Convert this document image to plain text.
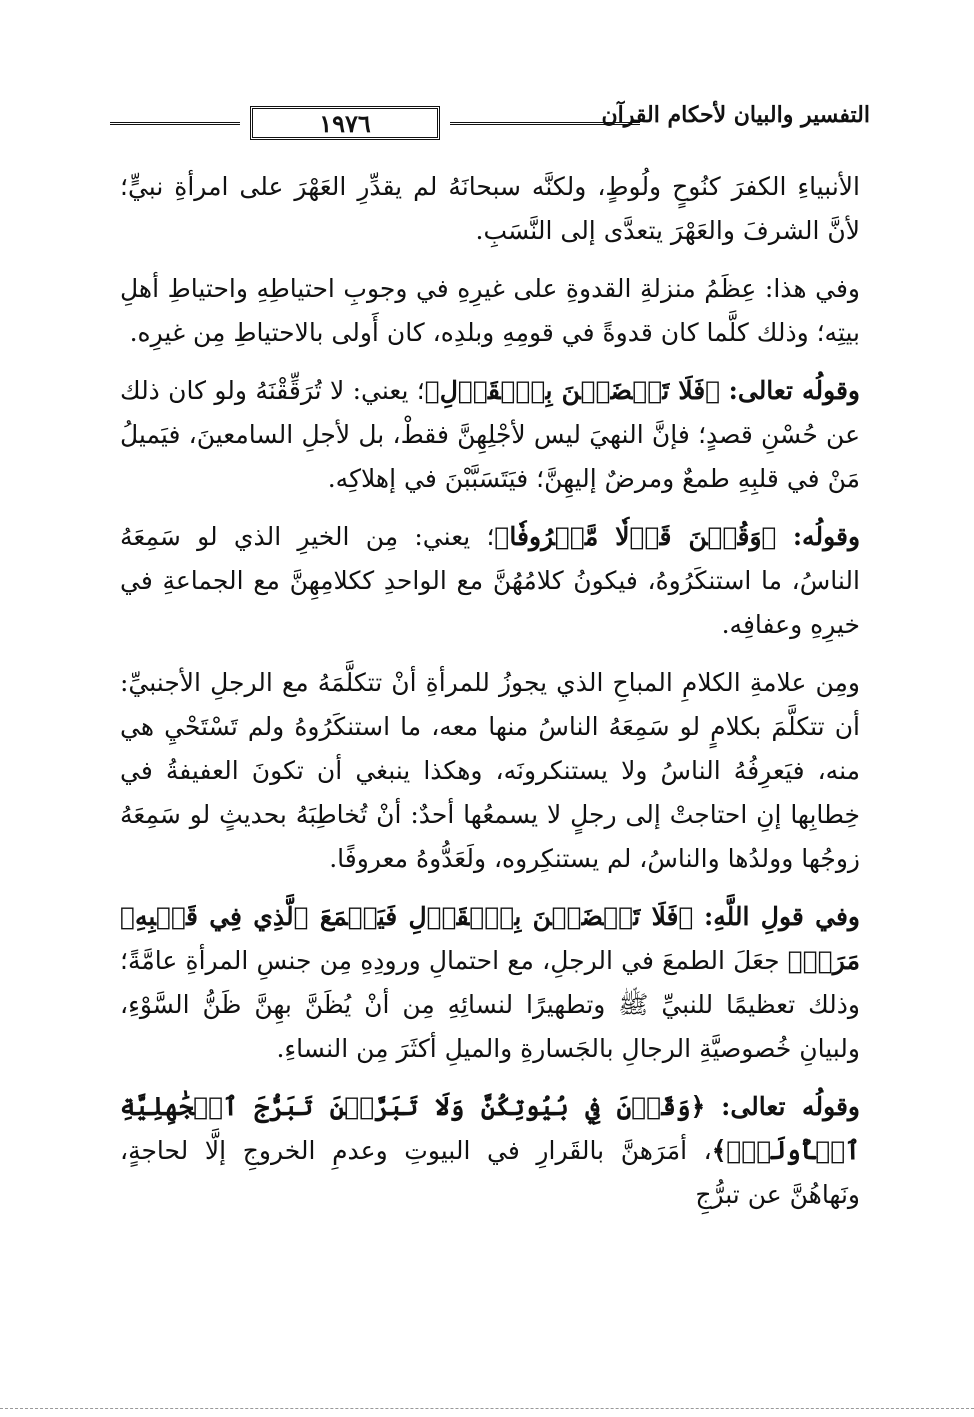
التفسير والبيان لأحكام القرآن
١٩٧٦

الأنبياءِ الكفرَ كنُوحٍ ولُوطٍ، ولكنَّه سبحانَهُ لم يقدِّرِ العَهْرَ على امرأةِ نبيٍّ؛ لأنَّ الشرفَ والعَهْرَ يتعدَّى إلى النَّسَبِ.

وفي هذا: عِظَمُ منزلةِ القدوةِ على غيرِهِ في وجوبِ احتياطِهِ واحتياطِ أهلِ بيتِه؛ وذلك كلَّما كان قدوةً في قومِهِ وبلدِه، كان أَولى بالاحتياطِ مِن غيرِه.

وقولُه تعالى: ﴿فَلَا تَخۡضَعۡنَ بِٱلۡقَوۡلِ﴾؛ يعني: لا تُرَقِّقْنَهُ ولو كان ذلك عن حُسْنِ قصدٍ؛ فإنَّ النهيَ ليس لأجْلِهِنَّ فقطْ، بل لأجلِ السامعينَ، فيَميلُ مَنْ في قلبِهِ طمعٌ ومرضٌ إليهِنَّ؛ فيَتَسَبَّبْنَ في إهلاكِه.

وقولُه: ﴿وَقُلۡنَ قَوۡلٗا مَّعۡرُوفٗا﴾؛ يعني: مِن الخيرِ الذي لو سَمِعَهُ الناسُ، ما استنكَرُوهُ، فيكونُ كلامُهُنَّ مع الواحدِ ككلامِهِنَّ مع الجماعةِ في خيرِهِ وعفافِه.

ومِن علامةِ الكلامِ المباحِ الذي يجوزُ للمرأةِ أنْ تتكلَّمَهُ مع الرجلِ الأجنبيِّ: أن تتكلَّمَ بكلامٍ لو سَمِعَهُ الناسُ منها معه، ما استنكَرُوهُ ولم تَسْتَحْيِ هي منه، فيَعرِفُهُ الناسُ ولا يستنكرونَه، وهكذا ينبغي أن تكونَ العفيفةُ في خِطابِها إنِ احتاجتْ إلى رجلٍ لا يسمعُها أحدٌ: أنْ تُخاطِبَهُ بحديثٍ لو سَمِعَهُ زوجُها وولدُها والناسُ، لم يستنكِروه، ولَعَدُّوهُ معروفًا.

وفي قولِ اللَّهِ: ﴿فَلَا تَخۡضَعۡنَ بِٱلۡقَوۡلِ فَيَطۡمَعَ ٱلَّذِي فِي قَلۡبِهِۦ مَرَضٞ﴾ جعَلَ الطمعَ في الرجلِ، مع احتمالِ ورودِهِ مِن جنسِ المرأةِ عامَّةً؛ وذلك تعظيمًا للنبيِّ ﷺ وتطهيرًا لنسائِهِ مِن أنْ يُظَنَّ بهِنَّ ظَنُّ السَّوْءِ، ولبيانِ خُصوصيَّةِ الرجالِ بالجَسارةِ والميلِ أكثَرَ مِن النساءِ.

وقولُه تعالى: ﴿وَقَرۡنَ فِي بُيُوتِكُنَّ وَلَا تَبَرَّجۡنَ تَبَرُّجَ ٱلۡجَٰهِلِيَّةِ ٱلۡأُولَىٰۖ﴾، أمَرَهنَّ بالقَرارِ في البيوتِ وعدمِ الخروجِ إلَّا لحاجةٍ، ونَهاهُنَّ عن تبرُّجِ
